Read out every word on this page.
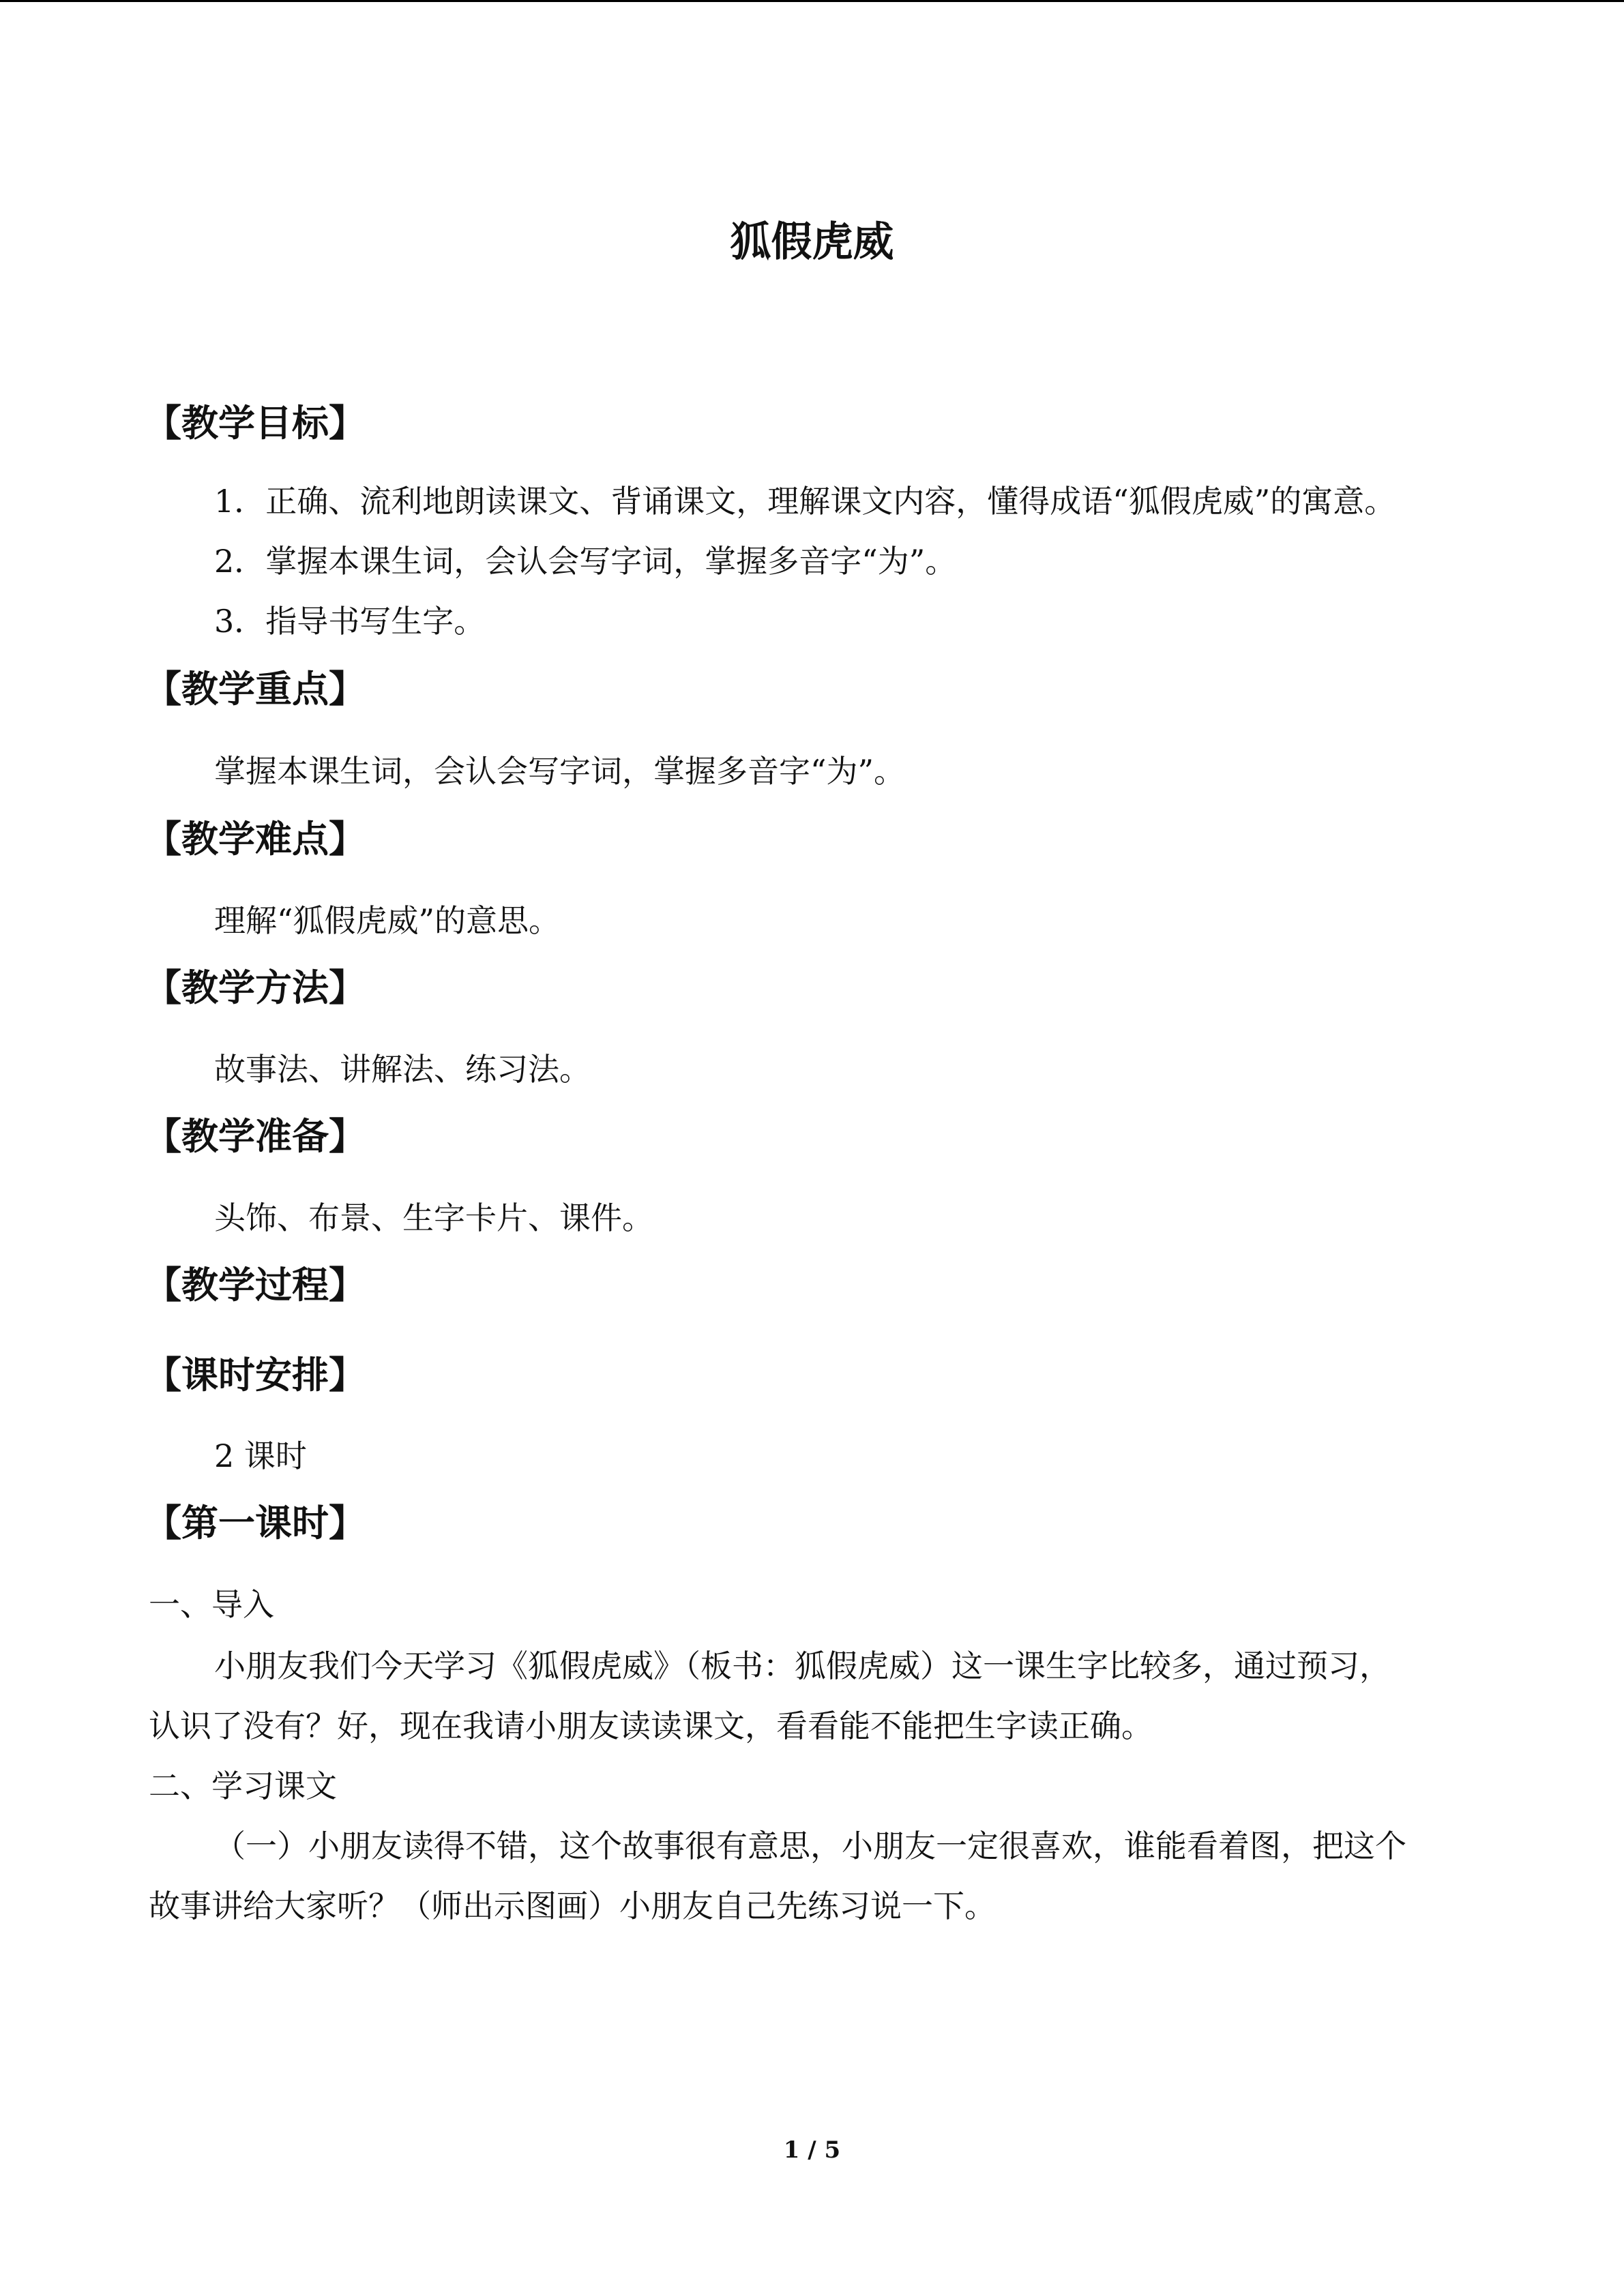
狐假虎威
【教学目标】
1．正确、流利地朗读课文、背诵课文，理解课文内容，懂得成语“狐假虎威”的寓意。
2．掌握本课生词，会认会写字词，掌握多音字“为”。
3．指导书写生字。
【教学重点】
掌握本课生词，会认会写字词，掌握多音字“为”。
【教学难点】
理解“狐假虎威”的意思。
【教学方法】
故事法、讲解法、练习法。
【教学准备】
头饰、布景、生字卡片、课件。
【教学过程】
【课时安排】
2 课时
【第一课时】
一、导入
小朋友我们今天学习《狐假虎威》（板书：狐假虎威）这一课生字比较多，通过预习，
认识了没有？好，现在我请小朋友读读课文，看看能不能把生字读正确。
二、学习课文
（一）小朋友读得不错，这个故事很有意思，小朋友一定很喜欢，谁能看着图，把这个
故事讲给大家听？（师出示图画）小朋友自己先练习说一下。
1 / 5
